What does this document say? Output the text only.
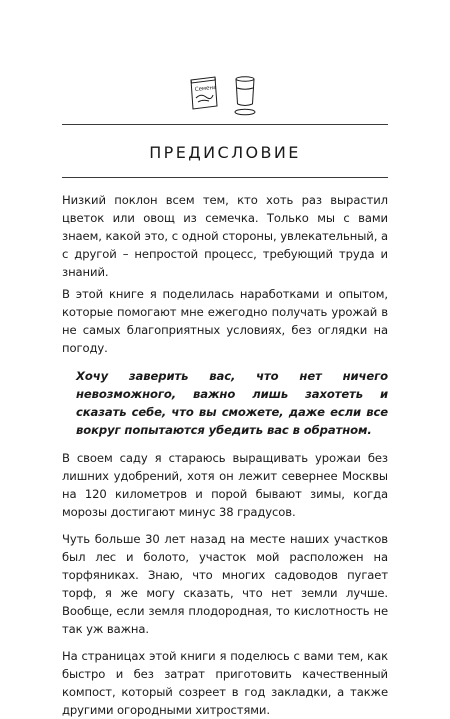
Семена
ПРЕДИСЛОВИЕ

Низкий поклон всем тем, кто хоть раз вырастил цветок или овощ из семечка. Только мы с вами знаем, какой это, с одной стороны, увлекательный, а с другой – непростой процесс, требующий труда и знаний.

В этой книге я поделилась наработками и опытом, которые помогают мне ежегодно получать урожай в не самых благоприятных условиях, без оглядки на погоду.

Хочу заверить вас, что нет ничего невозможного, важно лишь захотеть и сказать себе, что вы сможете, даже если все вокруг попытаются убедить вас в обратном.

В своем саду я стараюсь выращивать урожаи без лишних удобрений, хотя он лежит севернее Москвы на 120 километров и порой бывают зимы, когда морозы достигают минус 38 градусов.

Чуть больше 30 лет назад на месте наших участков был лес и болото, участок мой расположен на торфяниках. Знаю, что многих садоводов пугает торф, я же могу сказать, что нет земли лучше. Вообще, если земля плодородная, то кислотность не так уж важна.

На страницах этой книги я поделюсь с вами тем, как быстро и без затрат приготовить качественный компост, который созреет в год закладки, а также другими огородными хитростями.
